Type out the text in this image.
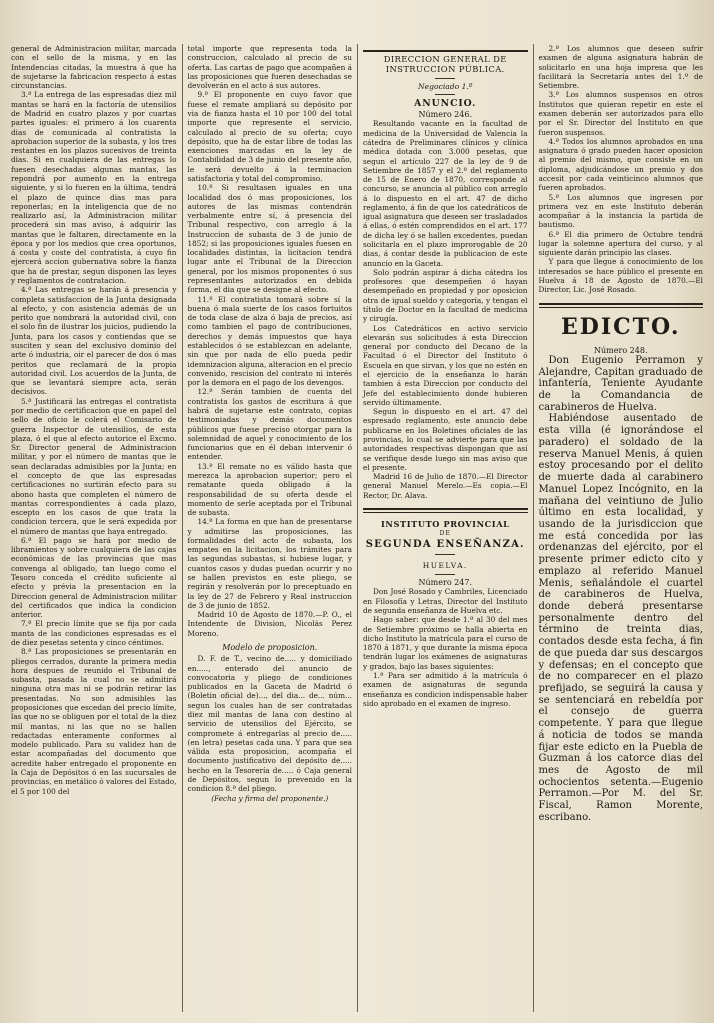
general de Administracion militar, marcada con el sello de la misma, y en las Intendencias citadas, la muestra á que ha de sujetarse la fabricacion respecto á estas circunstancias.

3.ª La entrega de las espresadas diez mil mantas se hará en la factoría de utensilios de Madrid en cuatro plazos y por cuartas partes iguales: el primero á los cuarenta dias de comunicada al contratista la aprobacion superior de la subasta, y los tres restantes en los plazos sucesivos de treinta dias. Si en cualquiera de las entregas lo fuesen desechadas algunas mantas, las repondrá por aumento en la entrega siguiente, y si lo fueren en la última, tendrá el plazo de quince dias mas para reponerlas; en la inteligencia que de no realizarlo así, la Administracion militar procederá sin mas aviso, á adquirir las mantas que le faltaren, directamente en la época y por los medios que crea oportunos, á costa y coste del contratista, á cuyo fin ejercerá accion gubernativa sobre la fianza que ha de prestar, segun disponen las leyes y reglamentos de contratacion.

4.ª Las entregas se harán á presencia y completa satisfaccion de la Junta designada al efecto, y con asistencia además de un perito que nombrará la autoridad civil, con el solo fin de ilustrar los juicios, pudiendo la Junta, para los casos y contiendas que se susciten y sean del exclusivo dominio del arte ó industria, oir el parecer de dos ó mas peritos que reclamará de la propia autoridad civil. Los acuerdos de la Junta, de que se levantará siempre acta, serán decisivos.

5.ª Justificará las entregas el contratista por medio de certificacion que en papel del sello de oficio le colerá el Comisario de guerra Inspector de utensilios, de esta plaza, ó el que al efecto autorice el Excmo. Sr. Director general de Administracion militar, y por el número de mantas que le sean declaradas admisibles por la Junta; en el concepto de que las espresadas certificaciones no surtirán efecto para su abono hasta que completen el número de mantas correspondientes á cada plazo, escepto en los casos de que trata la condicion tercera, que le será expedida por el número de mantas que haya entregado.

6.ª El pago se hará por medio de libramientos y sobre cualquiera de las cajas económicas de las provincias que mas convenga al obligado, tan luego como el Tesoro conceda el crédito suficiente al efecto y prévia la presentacion en la Direccion general de Administracion militar del certificados que indica la condicion anterior.

7.ª El precio límite que se fija por cada manta de las condiciones espresadas es el de diez pesetas setenta y cinco céntimos.

8.ª Las proposiciones se presentarán en pliegos cerrados, durante la primera media hora despues de reunido el Tribunal de subasta, pasada la cual no se admitirá ninguna otra mas ni se podrán retirar las presentadas. No son admisibles las proposiciones que escedan del precio límite, las que no se obliguen por el total de la diez mil mantas, ni las que no se hallen redactadas enteramente conformes al modelo publicado. Para su validez han de estar acompañadas del documento que acredite haber entregado el proponente en la Caja de Depósitos ó en las sucursales de provincias, en metálico ó valores del Estado, el 5 por 100 del

total importe que representa toda la construccion, calculado al precio de su oferta. Las cartas de pago que acompañen á las proposiciones que fueren desechadas se devolverán en el acto á sus autores.

9.ª El proponente en cuyo favor que fuese el remate ampliará su depósito por via de fianza hasta el 10 por 100 del total importe que represente el servicio, calculado al precio de su oferta; cuyo depósito, que ha de estar libre de todas las exenciones marcadas en la ley de Contabilidad de 3 de junio del presente año, le será devuelto á la terminacion satisfactoria y total del compromiso.

10.ª Si resultasen iguales en una localidad dos ó mas proposiciones, los autores de las mismas contendrán verbalmente entre sí, á presencia del Tribunal respectivo, con arreglo á la Instruccion de subasta de 3 de junio de 1852; si las proposiciones iguales fuesen en localidades distintas, la licitacion tendrá lugar ante el Tribunal de la Direccion general, por los mismos proponentes ó sus representantes autorizados en debida forma, el dia que se designe al efecto.

11.ª El contratista tomará sobre sí la buena ó mala suerte de los casos fortuitos de toda clase de alza ó baja de precios, así como tambien el pago de contribuciones, derechos y demás impuestos que haya establecidos ó se establezcan en adelante, sin que por nada de ello pueda pedir idemnizacion alguna, alteracion en el precio convenido, rescision del contrato ni interés por la demora en el pago de los devengos.

12.ª Serán tambien de cuenta del contratista los gastos de escritura á que habrá de sujetarse este contrato, copias testimoniadas y demás documentos públicos que fuese preciso otorgar para la solemnidad de aquel y conocimiento de los funcionarios que en él deban intervenir ó entender.

13.ª El remate no es válido hasta que merezca la aprobacion superior; pero el rematante queda obligado á la responsabilidad de su oferta desde el momento de serle aceptada por el Tribunal de subasta.

14.ª La forma en que han de presentarse y admitirse las proposiciones, las formalidades del acto de subasta, los empates en la licitacion, los trámites para las segundas subastas, si hubiese lugar, y cuantos casos y dudas puedan ocurrir y no se hallen previstos en este pliego, se regirán y resolverán por lo preceptuado en la ley de 27 de Febrero y Real instruccion de 3 de junio de 1852.

Madrid 10 de Agosto de 1870.—P. O., el Intendente de Division, Nicolás Perez Moreno.

Modelo de proposicion.

D. F. de T., vecino de..... y domiciliado en....., enterado del anuncio de convocatoria y pliego de condiciones publicados en la Gaceta de Madrid ó (Boletin oficial de)..., del dia... de... núm... segun los cuales han de ser contratadas diez mil mantas de lana con destino al servicio de utensilios del Ejército, se compromete á entregarlas al precio de..... (en letra) pesetas cada una. Y para que sea válida esta proposicion, acompaña el documento justificativo del depósito de..... hecho en la Tesorería de..... ó Caja general de Depósitos, segun lo prevenido en la condicion 8.ª del pliego.

(Fecha y firma del proponente.)

DIRECCION GENERAL DE INSTRUCCION PÚBLICA.

Negociado 1.º

ANUNCIO.

Número 246.

Resultando vacante en la facultad de medicina de la Universidad de Valencia la cátedra de Preliminares clínicos y clínica médica dotada con 3.000 pesetas, que segun el artículo 227 de la ley de 9 de Setiembre de 1857 y el 2.º del reglamento de 15 de Enero de 1870, corresponde al concurso, se anuncia al público con arreglo á lo dispuesto en el art. 47 de dicho reglamento, á fin de que los catedráticos de igual asignatura que deseen ser trasladados á ellas, ó estén comprendidos en el art. 177 de dicha ley ó se hallen excedentes, puedan solicitarla en el plazo improrogable de 20 dias, á contar desde la publicacion de este anuncio en la Gaceta.

Solo podrán aspirar á dicha cátedra los profesores que desempeñen ó hayan desempeñado en propiedad y por oposicion otra de igual sueldo y categoría, y tengan el título de Doctor en la facultad de medicina y cirugía.

Los Catedráticos en activo servicio elevarán sus solicitudes á esta Direccion general por conducto del Decano de la Facultad ó el Director del Instituto ó Escuela en que sirvan, y los que no estén en el ejercicio de la enseñanza lo harán tambien á esta Direccion por conducto del Jefe del establecimiento donde hubieren servido últimamente.

Segun lo dispuesto en el art. 47 del espresado reglamento, este anuncio debe publicarse en los Boletines oficiales de las provincias, lo cual se advierte para que las autoridades respectivas dispongan que así se verifique desde luego sin mas aviso que el presente.

Madrid 16 de Julio de 1870.—El Director general Manuel Merelo.—Es copia.—El Rector, Dr. Alava.

INSTITUTO PROVINCIAL

DE

SEGUNDA ENSEÑANZA.

HUELVA.

Número 247.

Don José Rosado y Cambriles, Licenciado en Filosofía y Letras, Director del Instituto de segunda enseñanza de Huelva etc.

Hago saber: que desde 1.º al 30 del mes de Setiembre próximo se halla abierta en dicho Instituto la matrícula para el curso de 1870 á 1871, y que durante la misma época tendrán lugar los exámenes de asignaturas y grados, bajo las bases siguientes:

1.ª Para ser admitido á la matrícula ó examen de asignaturas de segunda enseñanza es condicion indispensable haber sido aprobado en el examen de ingreso.

2.ª Los alumnos que deseen sufrir examen de alguna asignatura habrán de solicitarlo en una hoja impresa que les facilitará la Secretaría antes del 1.º de Setiembre.

3.ª Los alumnos suspensos en otros Institutos que quieran repetir en este el examen deberán ser autorizados para ello por el Sr. Director del Instituto en que fueron suspensos.

4.ª Todos los alumnos aprobados en una asignatura ó grado pueden hacer oposicion al premio del mismo, que consiste en un diploma, adjudicándose un premio y dos accesit por cada veinticinco alumnos que fueren aprobados.

5.ª Los alumnos que ingresen por primera vez en este Instituto deberán acompañar á la instancia la partida de bautismo.

6.ª El dia primero de Octubre tendrá lugar la solemne apertura del curso, y al siguiente darán principio las clases.

Y para que llegue á conocimiento de los interesados se hace público el presente en Huelva á 18 de Agosto de 1870.—El Director, Lic. José Rosado.

EDICTO.

Número 248.

Don Eugenio Perramon y Alejandre, Capitan graduado de infantería, Teniente Ayudante de la Comandancia de carabineros de Huelva.

Habiéndose ausentado de esta villa (é ignorándose el paradero) el soldado de la reserva Manuel Menis, á quien estoy procesando por el delito de muerte dada al carabinero Manuel Lopez Incógnito, en la mañana del veintiuno de Julio último en esta localidad, y usando de la jurisdiccion que me está concedida por las ordenanzas del ejército, por el presente primer edicto cito y emplazo al referido Manuel Menis, señalándole el cuartel de carabineros de Huelva, donde deberá presentarse personalmente dentro del término de treinta dias, contados desde esta fecha, á fin de que pueda dar sus descargos y defensas; en el concepto que de no comparecer en el plazo prefijado, se seguirá la causa y se sentenciará en rebeldía por el consejo de guerra competente. Y para que llegue á noticia de todos se manda fijar este edicto en la Puebla de Guzman á los catorce dias del mes de Agosto de mil ochocientos setenta.—Eugenio Perramon.—Por M. del Sr. Fiscal, Ramon Morente, escribano.
